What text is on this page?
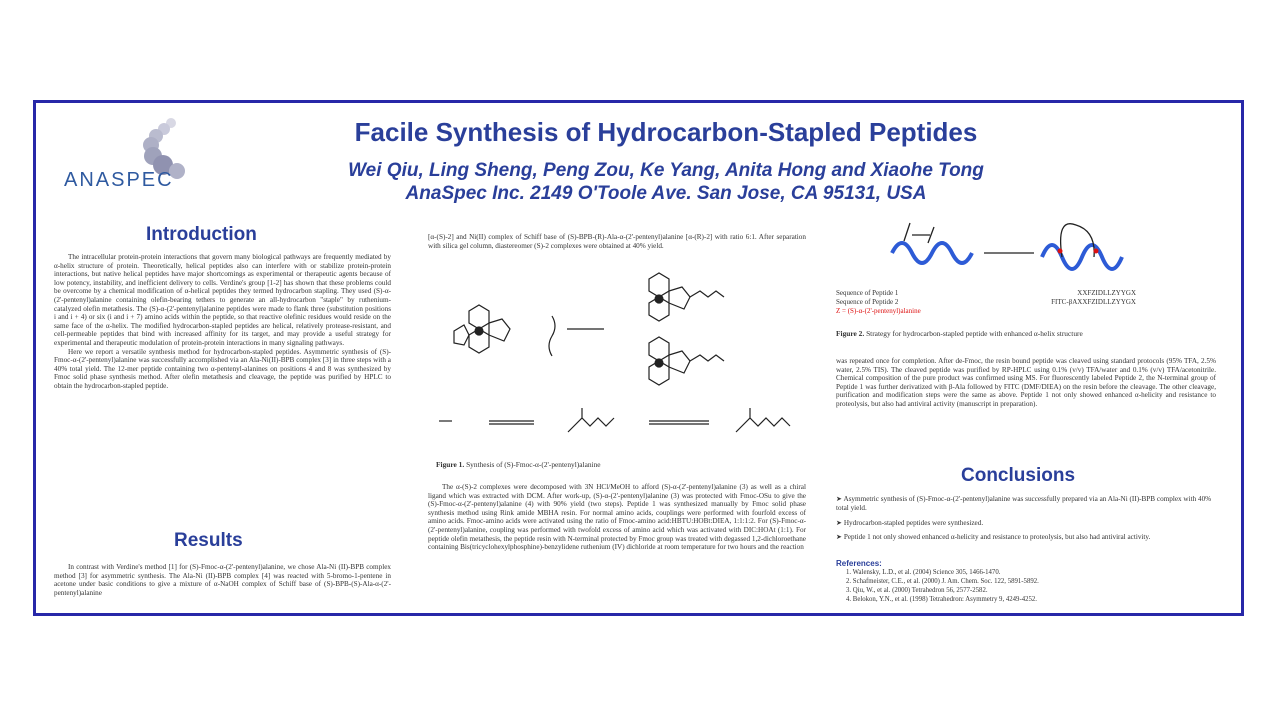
ANASPEC
Facile Synthesis of Hydrocarbon-Stapled Peptides
Wei Qiu, Ling Sheng, Peng Zou, Ke Yang, Anita Hong and Xiaohe Tong
AnaSpec Inc. 2149 O'Toole Ave. San Jose, CA 95131, USA
Introduction
The intracellular protein-protein interactions that govern many biological pathways are frequently mediated by α-helix structure of protein. Theoretically, helical peptides also can interfere with or stabilize protein-protein interactions, but native helical peptides have major shortcomings as experimental or therapeutic agents because of low potency, instability, and inefficient delivery to cells. Verdine's group [1-2] has shown that these problems could be overcome by a chemical modification of α-helical peptides they termed hydrocarbon stapling. They used (S)-α-(2'-pentenyl)alanine containing olefin-bearing tethers to generate an all-hydrocarbon "staple" by ruthenium-catalyzed olefin metathesis. The (S)-α-(2'-pentenyl)alanine peptides were made to flank three (substitution positions i and i + 4) or six (i and i + 7) amino acids within the peptide, so that reactive olefinic residues would reside on the same face of the α-helix. The modified hydrocarbon-stapled peptides are helical, relatively protease-resistant, and cell-permeable peptides that bind with increased affinity for its target, and may provide a useful strategy for experimental and therapeutic modulation of protein-protein interactions in many signaling pathways.
Here we report a versatile synthesis method for hydrocarbon-stapled peptides. Asymmetric synthesis of (S)-Fmoc-α-(2'-pentenyl)alanine was successfully accomplished via an Ala-Ni(II)-BPB complex [3] in three steps with a 40% total yield. The 12-mer peptide containing two α-pentenyl-alanines on positions 4 and 8 was synthesized by Fmoc solid phase synthesis method. After olefin metathesis and cleavage, the peptide was purified by HPLC to obtain the hydrocarbon-stapled peptide.
Results
In contrast with Verdine's method [1] for (S)-Fmoc-α-(2'-pentenyl)alanine, we chose Ala-Ni (II)-BPB complex method [3] for asymmetric synthesis. The Ala-Ni (II)-BPB complex [4] was reacted with 5-bromo-1-pentene in acetone under basic conditions to give a mixture of α-NaOH complex of Schiff base of (S)-BPB-(S)-Ala-α-(2'-pentenyl)alanine
[α-(S)-2] and Ni(II) complex of Schiff base of (S)-BPB-(R)-Ala-α-(2'-pentenyl)alanine [α-(R)-2] with ratio 6:1. After separation with silica gel column, diastereomer (S)-2 complexes were obtained at 40% yield.
Figure 1. Synthesis of (S)-Fmoc-α-(2'-pentenyl)alanine
The α-(S)-2 complexes were decomposed with 3N HCl/MeOH to afford (S)-α-(2'-pentenyl)alanine (3) as well as a chiral ligand which was extracted with DCM. After work-up, (S)-α-(2'-pentenyl)alanine (3) was protected with Fmoc-OSu to give the (S)-Fmoc-α-(2'-pentenyl)alanine (4) with 90% yield (two steps). Peptide 1 was synthesized manually by Fmoc solid phase synthesis method using Rink amide MBHA resin. For normal amino acids, couplings were performed with fourfold excess of amino acids. Fmoc-amino acids were activated using the ratio of Fmoc-amino acid:HBTU:HOBt:DIEA, 1:1:1:2. For (S)-Fmoc-α-(2'-pentenyl)alanine, coupling was performed with twofold excess of amino acid which was activated with DIC:HOAt (1:1). For peptide olefin metathesis, the peptide resin with N-terminal protected by Fmoc group was treated with degassed 1,2-dichloroethane containing Bis(tricyclohexylphosphine)-benzylidene ruthenium (IV) dichloride at room temperature for two hours and the reaction
Sequence of Peptide 1	XXFZIDLLZYYGX
Sequence of Peptide 2	FITC-βAXXFZIDLLZYYGX
Z = (S)-α-(2'-pentenyl)alanine
Figure 2. Strategy for hydrocarbon-stapled peptide with enhanced α-helix structure
was repeated once for completion. After de-Fmoc, the resin bound peptide was cleaved using standard protocols (95% TFA, 2.5% water, 2.5% TIS). The cleaved peptide was purified by RP-HPLC using 0.1% (v/v) TFA/water and 0.1% (v/v) TFA/acetonitrile. Chemical composition of the pure product was confirmed using MS. For fluorescently labeled Peptide 2, the N-terminal group of Peptide 1 was further derivatized with β-Ala followed by FITC (DMF/DIEA) on the resin before the cleavage. The other cleavage, purification and modification steps were the same as above. Peptide 1 not only showed enhanced α-helicity and resistance to proteolysis, but also had antiviral activity (manuscript in preparation).
Conclusions
➤ Asymmetric synthesis of (S)-Fmoc-α-(2'-pentenyl)alanine was successfully prepared via an Ala-Ni (II)-BPB complex with 40% total yield.
➤ Hydrocarbon-stapled peptides were synthesized.
➤ Peptide 1 not only showed enhanced α-helicity and resistance to proteolysis, but also had antiviral activity.
References:
1. Walensky, L.D., et al. (2004) Science 305, 1466-1470.
2. Schafmeister, C.E., et al. (2000) J. Am. Chem. Soc. 122, 5891-5892.
3. Qiu, W., et al. (2000) Tetrahedron 56, 2577-2582.
4. Belokon, Y.N., et al. (1998) Tetrahedron: Asymmetry 9, 4249-4252.
